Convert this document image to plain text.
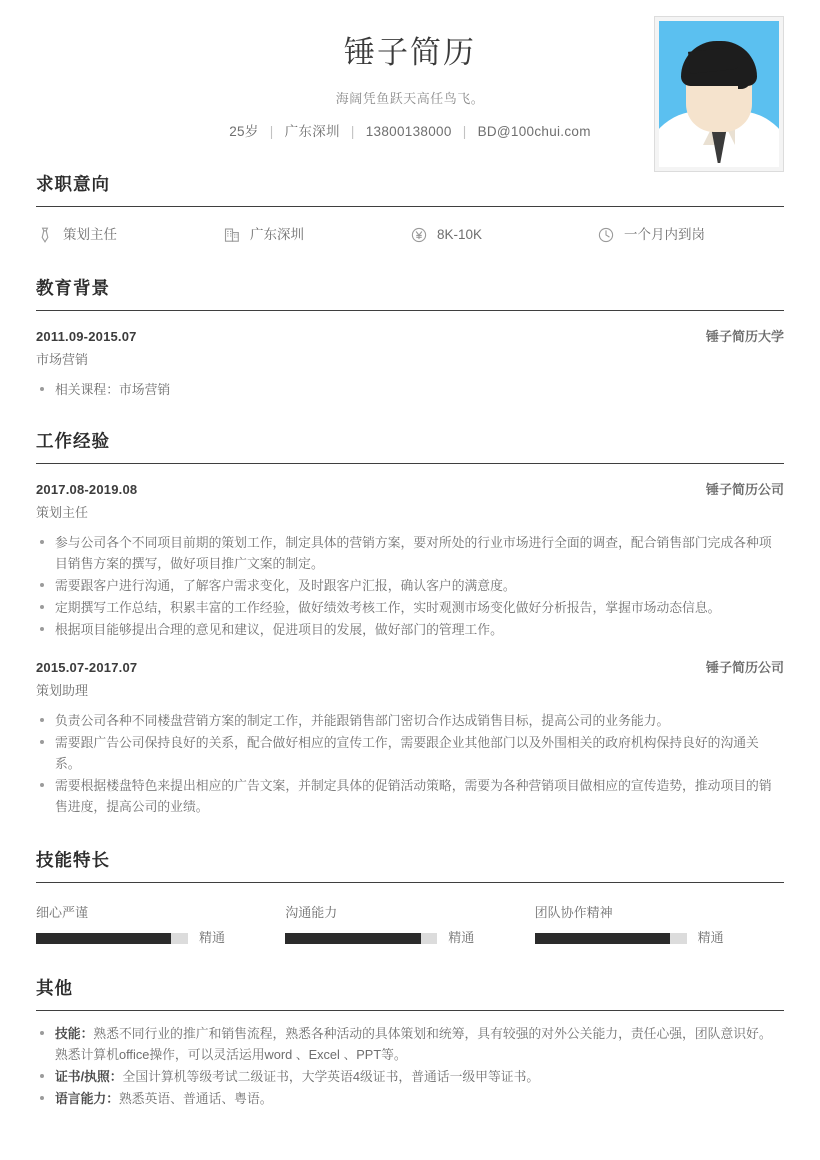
锤子简历
海阔凭鱼跃天高任鸟飞。
25岁 | 广东深圳 | 13800138000 | BD@100chui.com
求职意向
策划主任	广东深圳	8K-10K	一个月内到岗
教育背景
2011.09-2015.07	锤子简历大学
市场营销
相关课程：市场营销
工作经验
2017.08-2019.08	锤子简历公司
策划主任
参与公司各个不同项目前期的策划工作，制定具体的营销方案，要对所处的行业市场进行全面的调查，配合销售部门完成各种项目销售方案的撰写，做好项目推广文案的制定。
需要跟客户进行沟通，了解客户需求变化，及时跟客户汇报，确认客户的满意度。
定期撰写工作总结，积累丰富的工作经验，做好绩效考核工作，实时观测市场变化做好分析报告，掌握市场动态信息。
根据项目能够提出合理的意见和建议，促进项目的发展，做好部门的管理工作。
2015.07-2017.07	锤子简历公司
策划助理
负责公司各种不同楼盘营销方案的制定工作，并能跟销售部门密切合作达成销售目标，提高公司的业务能力。
需要跟广告公司保持良好的关系，配合做好相应的宣传工作，需要跟企业其他部门以及外围相关的政府机构保持良好的沟通关系。
需要根据楼盘特色来提出相应的广告文案，并制定具体的促销活动策略，需要为各种营销项目做相应的宣传造势，推动项目的销售进度，提高公司的业绩。
技能特长
细心严谨
精通
沟通能力
精通
团队协作精神
精通
其他
技能：熟悉不同行业的推广和销售流程，熟悉各种活动的具体策划和统筹，具有较强的对外公关能力，责任心强，团队意识好。 熟悉计算机office操作，可以灵活运用word 、Excel 、PPT等。
证书/执照：全国计算机等级考试二级证书，大学英语4级证书，普通话一级甲等证书。
语言能力：熟悉英语、普通话、粤语。
